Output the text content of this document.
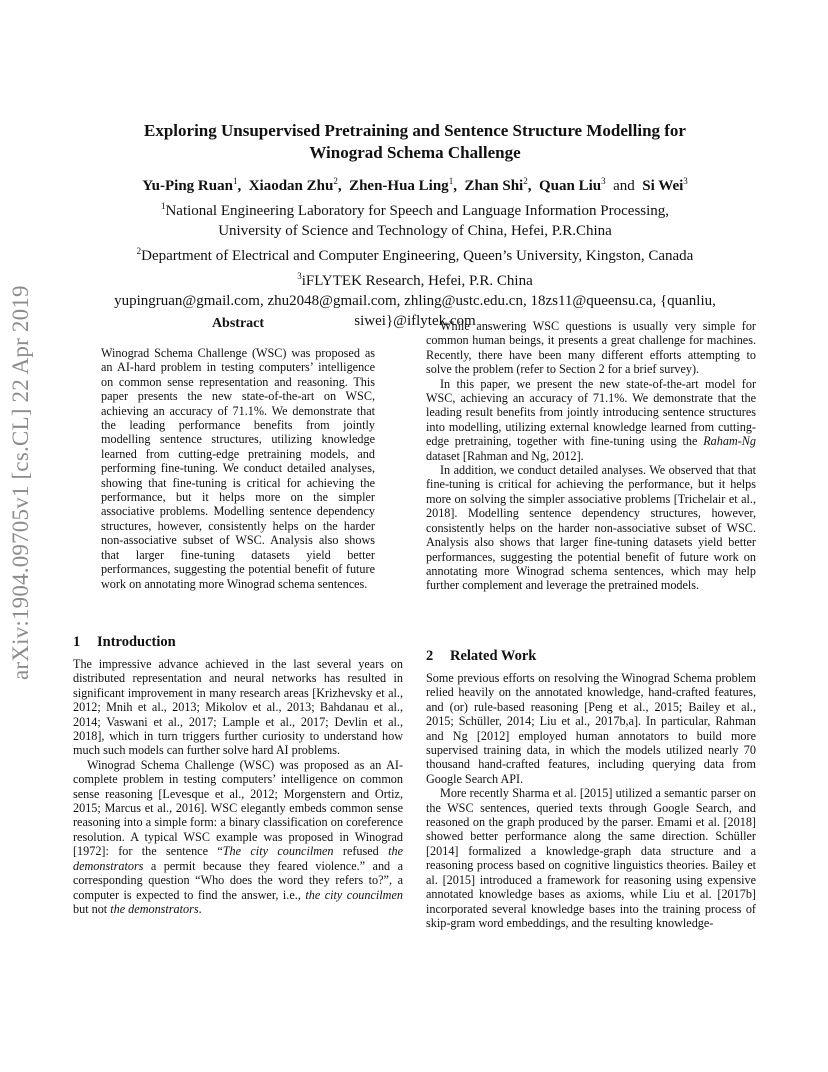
arXiv:1904.09705v1 [cs.CL] 22 Apr 2019
Exploring Unsupervised Pretraining and Sentence Structure Modelling for
Winograd Schema Challenge
Yu-Ping Ruan$^1$,  Xiaodan Zhu$^2$,  Zhen-Hua Ling$^1$,  Zhan Shi$^2$,  Quan Liu$^3$ and Si Wei$^3$
$^1$National Engineering Laboratory for Speech and Language Information Processing,
University of Science and Technology of China, Hefei, P.R.China
$^2$Department of Electrical and Computer Engineering, Queen’s University, Kingston, Canada
$^3$iFLYTEK Research, Hefei, P.R. China
yupingruan@gmail.com, zhu2048@gmail.com, zhling@ustc.edu.cn, 18zs11@queensu.ca, {quanliu,
siwei}@iflytek.com
Abstract
Winograd Schema Challenge (WSC) was proposed as an AI-hard problem in testing computers’ intelligence on common sense representation and reasoning. This paper presents the new state-of-the-art on WSC, achieving an accuracy of 71.1%. We demonstrate that the leading performance benefits from jointly modelling sentence structures, utilizing knowledge learned from cutting-edge pretraining models, and performing fine-tuning. We conduct detailed analyses, showing that fine-tuning is critical for achieving the performance, but it helps more on the simpler associative problems. Modelling sentence dependency structures, however, consistently helps on the harder non-associative subset of WSC. Analysis also shows that larger fine-tuning datasets yield better performances, suggesting the potential benefit of future work on annotating more Winograd schema sentences.
1 Introduction

The impressive advance achieved in the last several years on distributed representation and neural networks has resulted in significant improvement in many research areas [Krizhevsky et al., 2012; Mnih et al., 2013; Mikolov et al., 2013; Bahdanau et al., 2014; Vaswani et al., 2017; Lample et al., 2017; Devlin et al., 2018], which in turn triggers further curiosity to understand how much such models can further solve hard AI problems.

Winograd Schema Challenge (WSC) was proposed as an AI-complete problem in testing computers’ intelligence on common sense reasoning [Levesque et al., 2012; Morgenstern and Ortiz, 2015; Marcus et al., 2016]. WSC elegantly embeds common sense reasoning into a simple form: a binary classification on coreference resolution. A typical WSC example was proposed in Winograd [1972]: for the sentence “The city councilmen refused the demonstrators a permit because they feared violence.” and a corresponding question “Who does the word they refers to?”, a computer is expected to find the answer, i.e., the city councilmen but not the demonstrators.

While answering WSC questions is usually very simple for common human beings, it presents a great challenge for machines. Recently, there have been many different efforts attempting to solve the problem (refer to Section 2 for a brief survey).

In this paper, we present the new state-of-the-art model for WSC, achieving an accuracy of 71.1%. We demonstrate that the leading result benefits from jointly introducing sentence structures into modelling, utilizing external knowledge learned from cutting-edge pretraining, together with fine-tuning using the Raham-Ng dataset [Rahman and Ng, 2012].

In addition, we conduct detailed analyses. We observed that that fine-tuning is critical for achieving the performance, but it helps more on solving the simpler associative problems [Trichelair et al., 2018]. Modelling sentence dependency structures, however, consistently helps on the harder non-associative subset of WSC. Analysis also shows that larger fine-tuning datasets yield better performances, suggesting the potential benefit of future work on annotating more Winograd schema sentences, which may help further complement and leverage the pretrained models.

2 Related Work

Some previous efforts on resolving the Winograd Schema problem relied heavily on the annotated knowledge, hand-crafted features, and (or) rule-based reasoning [Peng et al., 2015; Bailey et al., 2015; Schüller, 2014; Liu et al., 2017b,a]. In particular, Rahman and Ng [2012] employed human annotators to build more supervised training data, in which the models utilized nearly 70 thousand hand-crafted features, including querying data from Google Search API.

More recently Sharma et al. [2015] utilized a semantic parser on the WSC sentences, queried texts through Google Search, and reasoned on the graph produced by the parser. Emami et al. [2018] showed better performance along the same direction. Schüller [2014] formalized a knowledge-graph data structure and a reasoning process based on cognitive linguistics theories. Bailey et al. [2015] introduced a framework for reasoning using expensive annotated knowledge bases as axioms, while Liu et al. [2017b] incorporated several knowledge bases into the training process of skip-gram word embeddings, and the resulting knowledge-
